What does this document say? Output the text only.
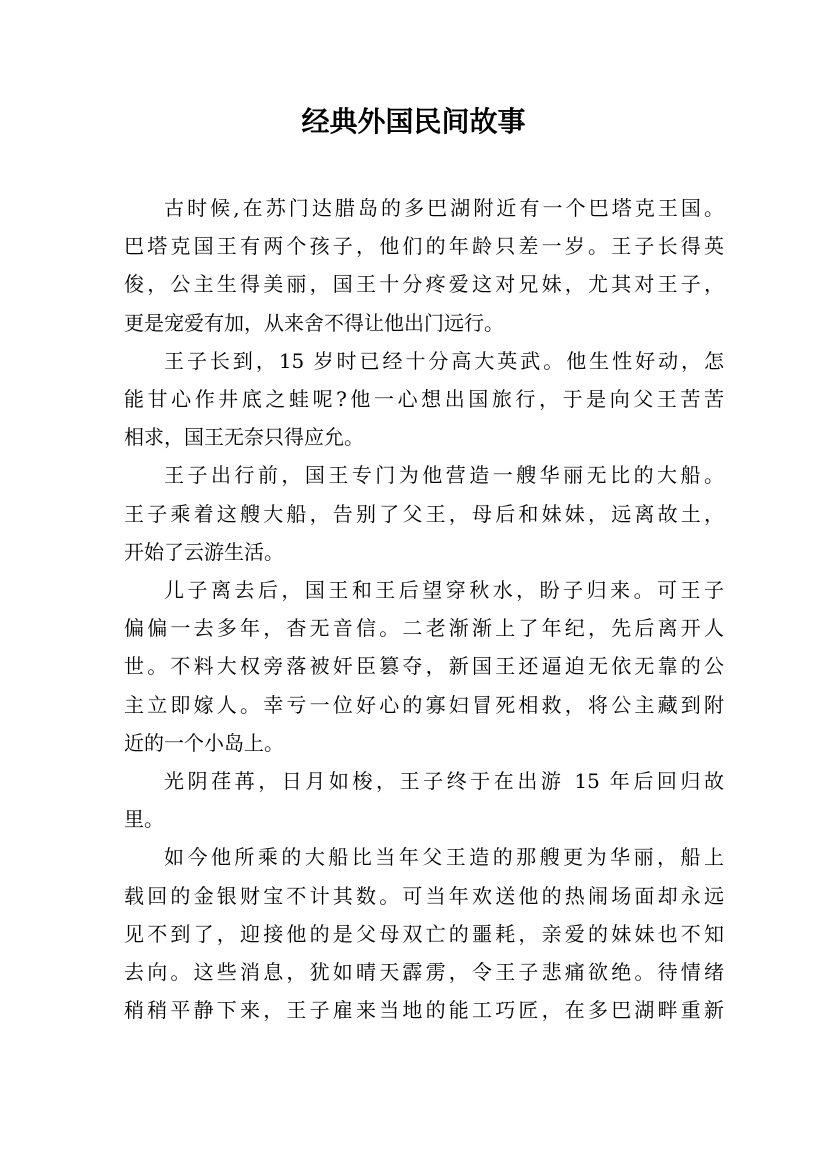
经典外国民间故事

古时候,在苏门达腊岛的多巴湖附近有一个巴塔克王国。
巴塔克国王有两个孩子，他们的年龄只差一岁。王子长得英
俊，公主生得美丽，国王十分疼爱这对兄妹，尤其对王子，
更是宠爱有加，从来舍不得让他出门远行。

王子长到，15 岁时已经十分高大英武。他生性好动，怎
能甘心作井底之蛙呢?他一心想出国旅行，于是向父王苦苦
相求，国王无奈只得应允。

王子出行前，国王专门为他营造一艘华丽无比的大船。
王子乘着这艘大船，告别了父王，母后和妹妹，远离故土，
开始了云游生活。

儿子离去后，国王和王后望穿秋水，盼子归来。可王子
偏偏一去多年，杳无音信。二老渐渐上了年纪，先后离开人
世。不料大权旁落被奸臣篡夺，新国王还逼迫无依无靠的公
主立即嫁人。幸亏一位好心的寡妇冒死相救，将公主藏到附
近的一个小岛上。

光阴荏苒，日月如梭，王子终于在出游 15 年后回归故
里。

如今他所乘的大船比当年父王造的那艘更为华丽，船上
载回的金银财宝不计其数。可当年欢送他的热闹场面却永远
见不到了，迎接他的是父母双亡的噩耗，亲爱的妹妹也不知
去向。这些消息，犹如晴天霹雳，令王子悲痛欲绝。待情绪
稍稍平静下来，王子雇来当地的能工巧匠，在多巴湖畔重新
